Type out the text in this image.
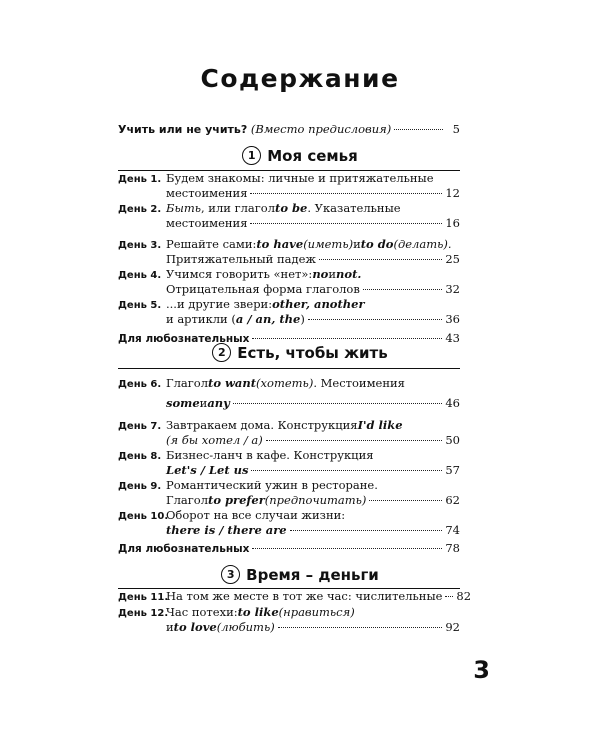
Содержание
Учить или не учить?
(Вместо предисловия)	5
1 Моя семья
День 1. Будем знакомы: личные и притяжательные
местоимения	12
День 2. Быть , или глагол to be . Указательные
местоимения	16
День 3. Решайте сами: to have (иметь) и to do (делать).
Притяжательный падеж	25
День 4. Учимся говорить «нет»: no и not.
Отрицательная форма глаголов	32
День 5. ...и другие звери: other, another
и артикли ( a / an, the )	36
Для любознательных	43
2 Есть, чтобы жить
День 6. Глагол to want (хотеть) . Местоимения
some и any	46
День 7. Завтракаем дома. Конструкция I'd like
(я бы хотел / а)	50
День 8. Бизнес-ланч в кафе. Конструкция
Let's / Let us	57
День 9. Романтический ужин в ресторане.
Глагол to prefer (предпочитать)	62
День 10.
Оборот на все случаи жизни:
there is / there are	74
Для любознательных	78
3 Время – деньги
День 11.
На том же месте в тот же час: числительные 82
День 12.
Час потехи: to like (нравиться)
и to love (любить)	92
3
